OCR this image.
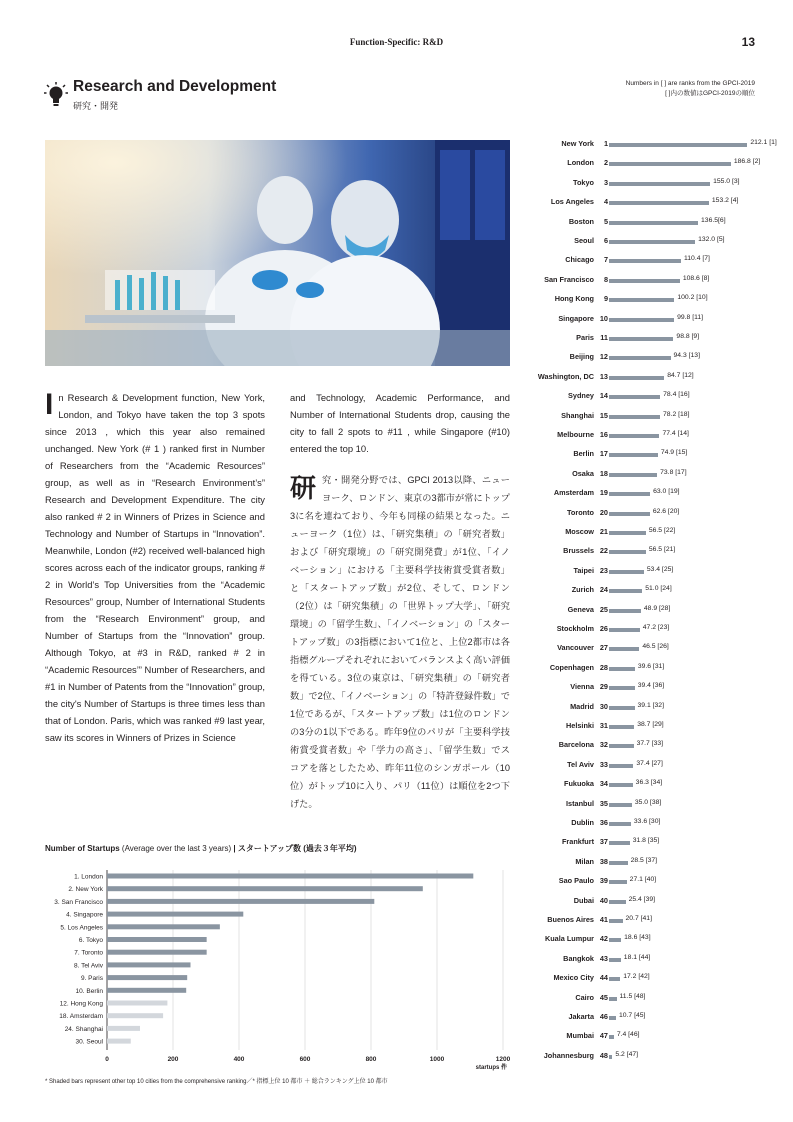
Function-Specific: R&D	13
Research and Development
研究・開発
Numbers in [ ] are ranks from the GPCI-2019
[ ]内の数値はGPCI-2019の順位
In Research & Development function, New York, London, and Tokyo have taken the top 3 spots since 2013 , which this year also remained unchanged. New York (# 1 ) ranked first in Number of Researchers from the “Academic Resources” group, as well as in “Research Environment’s” Research and Development Expenditure. The city also ranked # 2 in Winners of Prizes in Science and Technology and Number of Startups in “Innovation”. Meanwhile, London (#2) received well-balanced high scores across each of the indicator groups, ranking # 2 in World’s Top Universities from the “Academic Resources” group, Number of International Students from the “Research Environment” group, and Number of Startups from the “Innovation” group. Although Tokyo, at #3 in R&D, ranked # 2 in “Academic Resources’” Number of Researchers, and #1 in Number of Patents from the “Innovation” group, the city's Number of Startups is three times less than that of London. Paris, which was ranked #9 last year, saw its scores in Winners of Prizes in Science
and Technology, Academic Performance, and Number of International Students drop, causing the city to fall 2 spots to #11 , while Singapore (#10) entered the top 10.
研究・開発分野では、GPCI 2013以降、ニューヨーク、ロンドン、東京の3都市が常にトップ3に名を連ねており、今年も同様の結果となった。ニューヨーク（1位）は、「研究集積」の「研究者数」および「研究環境」の「研究開発費」が1位、「イノベーション」における「主要科学技術賞受賞者数」と「スタートアップ数」が2位、そして、ロンドン（2位）は「研究集積」の「世界トップ大学」、「研究環境」の「留学生数」、「イノベーション」の「スタートアップ数」の3指標において1位と、上位2都市は各指標グループそれぞれにおいてバランスよく高い評価を得ている。3位の東京は、「研究集積」の「研究者数」で2位、「イノベーション」の「特許登録件数」で1位であるが、「スタートアップ数」は1位のロンドンの3分の1以下である。昨年9位のパリが「主要科学技術賞受賞者数」や「学力の高さ」、「留学生数」でスコアを落としたため、昨年11位のシンガポール（10位）がトップ10に入り、パリ（11位）は順位を2つ下げた。
New York	1	212.1 [1]
London	2	186.8 [2]
Tokyo	3	155.0 [3]
Los Angeles	4	153.2 [4]
Boston	5	136.5[6]
Seoul	6	132.0 [5]
Chicago	7	110.4 [7]
San Francisco	8	108.6 [8]
Hong Kong	9	100.2 [10]
Singapore 10	99.8 [11]
Paris 11	98.8 [9]
Beijing 12	94.3 [13]
Washington, DC 13	84.7 [12]
Sydney 14	78.4 [16]
Shanghai 15	78.2 [18]
Melbourne 16	77.4 [14]
Berlin 17	74.9 [15]
Osaka 18	73.8 [17]
Amsterdam 19	63.0 [19]
Toronto 20	62.6 [20]
Moscow 21	56.5 [22]
Brussels 22	56.5 [21]
Taipei 23	53.4 [25]
Zurich 24	51.0 [24]
Geneva 25	48.9 [28]
Stockholm 26	47.2 [23]
Vancouver 27	46.5 [26]
Copenhagen 28	39.6 [31]
Vienna 29	39.4 [36]
Madrid 30	39.1 [32]
Helsinki 31	38.7 [29]
Barcelona 32	37.7 [33]
Tel Aviv 33	37.4 [27]
Fukuoka 34	36.3 [34]
Istanbul 35	35.0 [38]
Dublin 36	33.6 [30]
Frankfurt 37	31.8 [35]
Milan 38	28.5 [37]
Sao Paulo 39	27.1 [40]
Dubai 40	25.4 [39]
Buenos Aires 41	20.7 [41]
Kuala Lumpur 42 18.6 [43]
Bangkok 43 18.1 [44]
Mexico City 44 17.2 [42]
Cairo 45 11.5 [48]
Jakarta 46 10.7 [45]
Mumbai 47 7.4 [46]
Johannesburg 48 5.2 [47]
Number of Startups (Average over the last 3 years) | スタートアップ数 (過去３年平均)
0	200	400	600	800	1000	1200
1. London
2. New York
3. San Francisco
4. Singapore
5. Los Angeles
6. Tokyo
7. Toronto
8. Tel Aviv
9. Paris
10. Berlin
12. Hong Kong
18. Amsterdam
24. Shanghai
30. Seoul
startups 件
* Shaded bars represent other top 10 cities from the comprehensive ranking／* 指標上位 10 都市 ＋ 総合ランキング上位 10 都市
